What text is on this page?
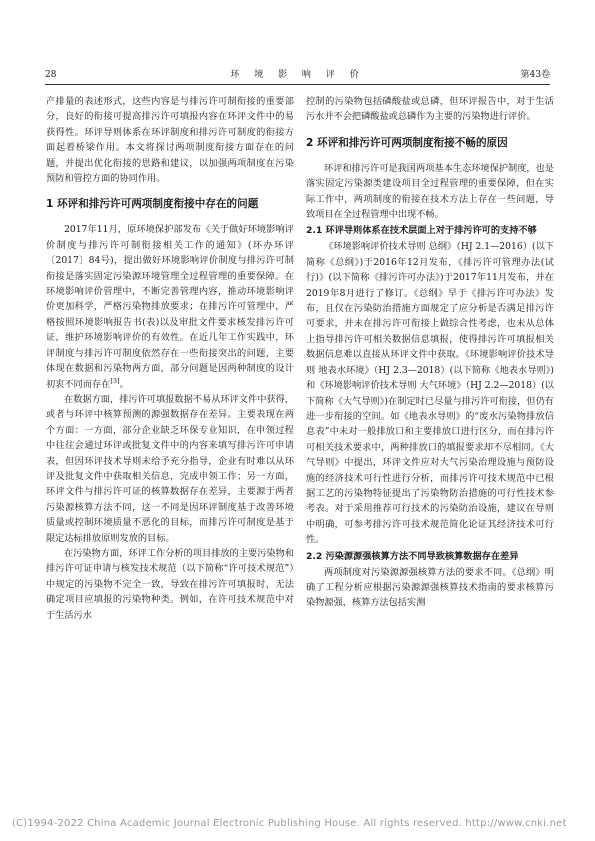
28	环 境 影 响 评 价	第43卷

产排量的表述形式，这些内容是与排污许可制衔接的重要部分，良好的衔接可提高排污许可填报内容在环评文件中的易获得性。环评导则体系在环评制度和排污许可制度的衔接方面起着桥梁作用。本文将探讨两项制度衔接方面存在的问题，并提出优化衔接的思路和建议，以加强两项制度在污染预防和管控方面的协同作用。

1 环评和排污许可两项制度衔接中存在的问题

2017年11月，原环境保护部发布《关于做好环境影响评价制度与排污许可制衔接相关工作的通知》(环办环评〔2017〕84号)，提出做好环境影响评价制度与排污许可制衔接是落实固定污染源环境管理全过程管理的重要保障。在环境影响评价管理中，不断完善管理内容，推动环境影响评价更加科学，严格污染物排放要求；在排污许可管理中，严格按照环境影响报告书(表)以及审批文件要求核发排污许可证，维护环境影响评价的有效性。在近几年工作实践中，环评制度与排污许可制度依然存在一些衔接突出的问题，主要体现在数据和污染物两方面，部分问题是因两种制度的设计初衷不同而存在[3]。

在数据方面，排污许可填报数据不易从环评文件中获得，或者与环评中核算预测的源强数据存在差异。主要表现在两个方面：一方面，部分企业缺乏环保专业知识，在申领过程中往往会通过环评或批复文件中的内容来填写排污许可申请表，但因环评技术导则未给予充分指导，企业有时难以从环评及批复文件中获取相关信息，完成申领工作；另一方面，环评文件与排污许可证的核算数据存在差异，主要源于两者污染源核算方法不同，这一不同是因环评制度基于改善环境质量或控制环境质量不恶化的目标，而排污许可制度是基于限定达标排放原则发放的目标。

在污染物方面，环评工作分析的项目排放的主要污染物和排污许可证申请与核发技术规范（以下简称“许可技术规范”）中规定的污染物不完全一致，导致在排污许可填报时，无法确定项目应填报的污染物种类。例如，在许可技术规范中对于生活污水

控制的污染物包括磷酸盐或总磷，但环评报告中，对于生活污水并不会把磷酸盐或总磷作为主要的污染物进行评价。

2 环评和排污许可两项制度衔接不畅的原因

环评和排污许可是我国两项基本生态环境保护制度，也是落实固定污染源类建设项目全过程管理的重要保障，但在实际工作中，两项制度的衔接在技术方法上存在一些问题，导致项目在全过程管理中出现不畅。

2.1 环评导则体系在技术层面上对于排污许可的支持不够

《环境影响评价技术导则 总纲》（HJ 2.1—2016）(以下简称《总纲》)于2016年12月发布，《排污许可管理办法(试行)》(以下简称《排污许可办法》)于2017年11月发布，并在2019年8月进行了修订。《总纲》早于《排污许可办法》发布，且仅在污染防治措施方面规定了应分析是否满足排污许可要求，并未在排污许可衔接上做综合性考虑，也未从总体上指导排污许可相关数据信息填报，使得排污许可填报相关数据信息难以直接从环评文件中获取。《环境影响评价技术导则 地表水环境》（HJ 2.3—2018）(以下简称《地表水导则》)和《环境影响评价技术导则 大气环境》（HJ 2.2—2018）(以下简称《大气导则》)在制定时已尽量与排污许可衔接，但仍有进一步衔接的空间。如《地表水导则》的“废水污染物排放信息表”中未对一般排放口和主要排放口进行区分，而在排污许可相关技术要求中，两种排放口的填报要求却不尽相同。《大气导则》中提出，环评文件应对大气污染治理设施与预防设施的经济技术可行性进行分析，而排污许可技术规范中已根据工艺的污染物特征提出了污染物防治措施的可行性技术参考表。对于采用推荐可行技术的污染防治设施，建议在导则中明确，可参考排污许可技术规范简化论证其经济技术可行性。

2.2 污染源源强核算方法不同导致核算数据存在差异

两项制度对污染源源强核算方法的要求不同。《总纲》明确了工程分析应根据污染源源强核算技术指南的要求核算污染物源强，核算方法包括实测

(C)1994-2022 China Academic Journal Electronic Publishing House. All rights reserved. http://www.cnki.net
